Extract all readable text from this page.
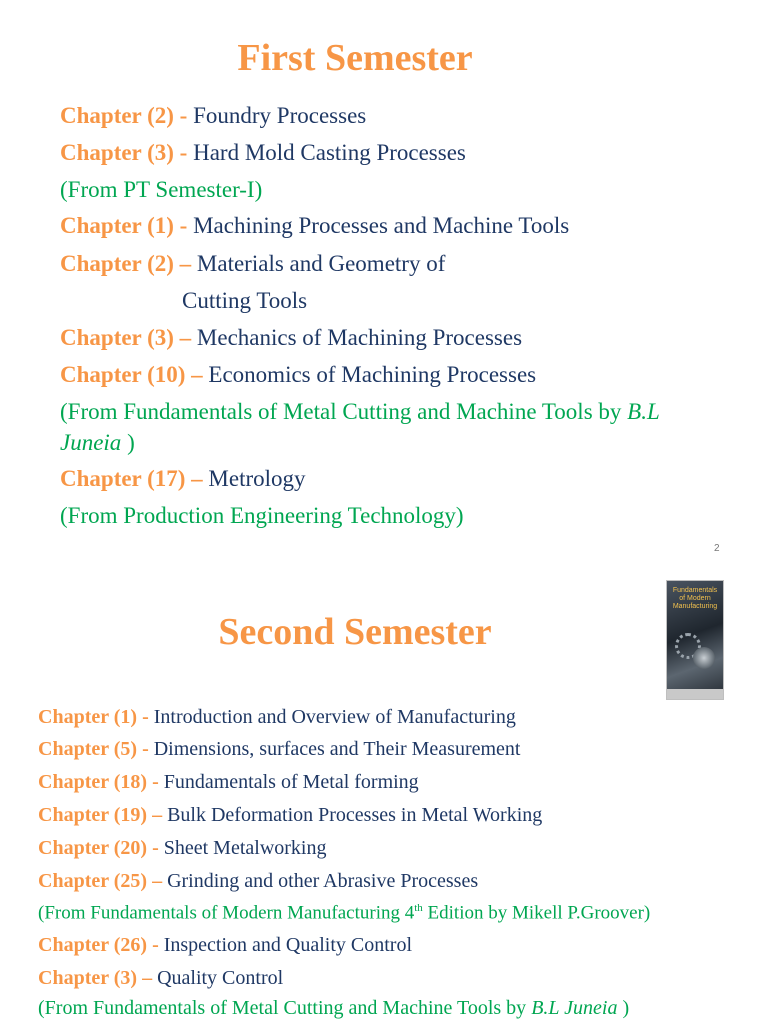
First Semester
Chapter (2) - Foundry Processes
Chapter (3) - Hard Mold Casting Processes
(From PT Semester-I)
Chapter (1) - Machining Processes and Machine Tools
Chapter (2) – Materials and Geometry of
Cutting Tools
Chapter (3) – Mechanics of Machining Processes
Chapter (10) – Economics of Machining Processes
(From Fundamentals of Metal Cutting and Machine Tools by B.L
Juneia )
Chapter (17) – Metrology
(From Production Engineering Technology)
2
Fundamentals of Modern Manufacturing
Second Semester
Chapter (1) - Introduction and Overview of Manufacturing
Chapter (5) - Dimensions, surfaces and Their Measurement
Chapter (18) - Fundamentals of Metal forming
Chapter (19) – Bulk Deformation Processes in Metal Working
Chapter (20) - Sheet Metalworking
Chapter (25) – Grinding and other Abrasive Processes
(From Fundamentals of Modern Manufacturing 4th Edition by Mikell P.Groover)
Chapter (26) - Inspection and Quality Control
Chapter (3) – Quality Control
(From Fundamentals of Metal Cutting and Machine Tools by B.L Juneia )
